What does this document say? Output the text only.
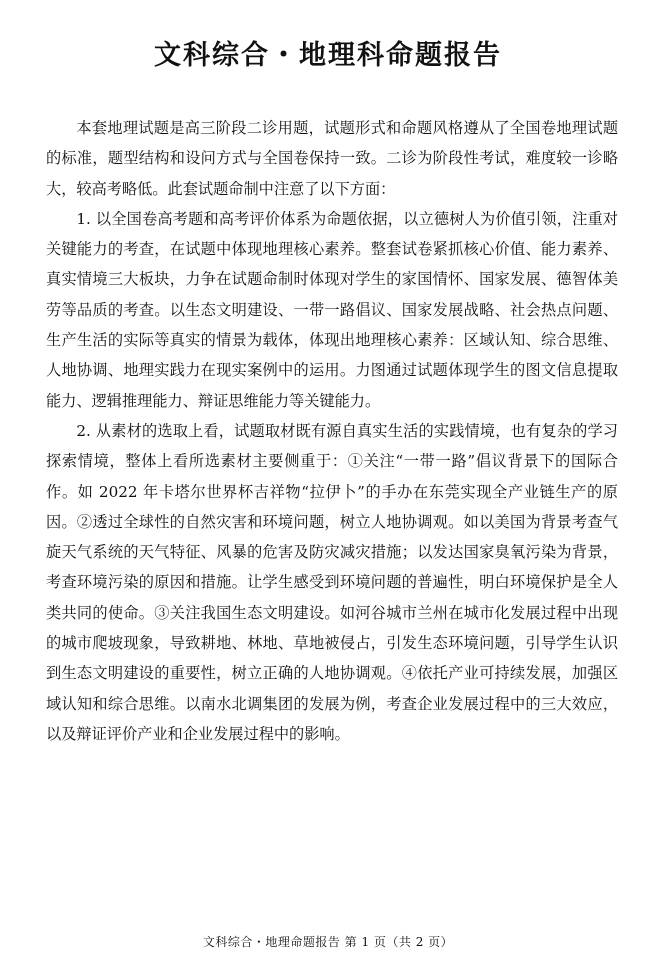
文科综合・地理科命题报告

本套地理试题是高三阶段二诊用题，试题形式和命题风格遵从了全国卷地理试题的标准，题型结构和设问方式与全国卷保持一致。二诊为阶段性考试，难度较一诊略大，较高考略低。此套试题命制中注意了以下方面：

1. 以全国卷高考题和高考评价体系为命题依据，以立德树人为价值引领，注重对关键能力的考查，在试题中体现地理核心素养。整套试卷紧抓核心价值、能力素养、真实情境三大板块，力争在试题命制时体现对学生的家国情怀、国家发展、德智体美劳等品质的考查。以生态文明建设、一带一路倡议、国家发展战略、社会热点问题、生产生活的实际等真实的情景为载体，体现出地理核心素养：区域认知、综合思维、人地协调、地理实践力在现实案例中的运用。力图通过试题体现学生的图文信息提取能力、逻辑推理能力、辩证思维能力等关键能力。

2. 从素材的选取上看，试题取材既有源自真实生活的实践情境，也有复杂的学习探索情境，整体上看所选素材主要侧重于：①关注“一带一路”倡议背景下的国际合作。如 2022 年卡塔尔世界杯吉祥物“拉伊卜”的手办在东莞实现全产业链生产的原因。②透过全球性的自然灾害和环境问题，树立人地协调观。如以美国为背景考查气旋天气系统的天气特征、风暴的危害及防灾减灾措施；以发达国家臭氧污染为背景，考查环境污染的原因和措施。让学生感受到环境问题的普遍性，明白环境保护是全人类共同的使命。③关注我国生态文明建设。如河谷城市兰州在城市化发展过程中出现的城市爬坡现象，导致耕地、林地、草地被侵占，引发生态环境问题，引导学生认识到生态文明建设的重要性，树立正确的人地协调观。④依托产业可持续发展，加强区域认知和综合思维。以南水北调集团的发展为例，考查企业发展过程中的三大效应，以及辩证评价产业和企业发展过程中的影响。

文科综合・地理命题报告 第 1 页（共 2 页）
